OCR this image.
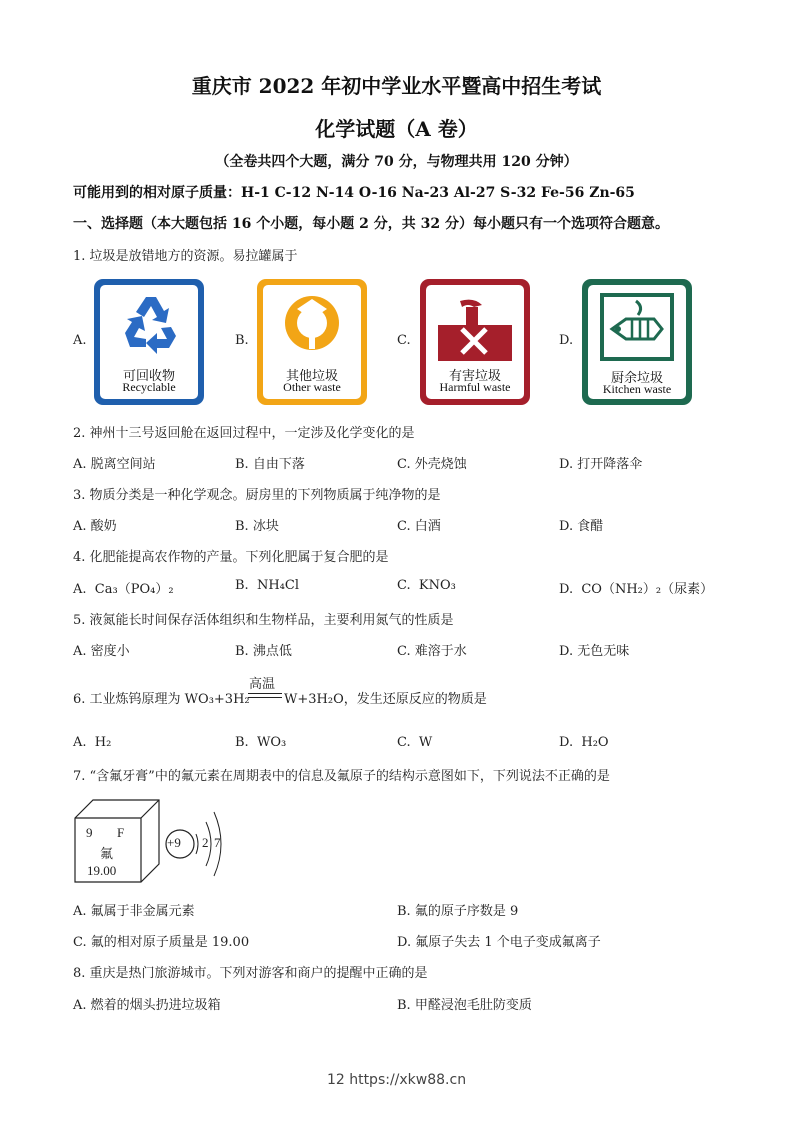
重庆市 2022 年初中学业水平暨高中招生考试
化学试题（A 卷）
（全卷共四个大题，满分 70 分，与物理共用 120 分钟）
可能用到的相对原子质量：H-1 C-12 N-14 O-16 Na-23 Al-27 S-32 Fe-56 Zn-65
一、选择题（本大题包括 16 个小题，每小题 2 分，共 32 分）每小题只有一个选项符合题意。
1. 垃圾是放错地方的资源。易拉罐属于
A.
可回收物
Recyclable
B.
其他垃圾
Other waste
C.
有害垃圾
Harmful waste
D.
厨余垃圾
Kitchen waste
2. 神州十三号返回舱在返回过程中，一定涉及化学变化的是
A. 脱离空间站	B. 自由下落	C. 外壳烧蚀	D. 打开降落伞
3. 物质分类是一种化学观念。厨房里的下列物质属于纯净物的是
A. 酸奶	B. 冰块	C. 白酒	D. 食醋
4. 化肥能提高农作物的产量。下列化肥属于复合肥的是
A. Ca₃（PO₄）₂	B. NH₄Cl	C. KNO₃	D. CO（NH₂）₂（尿素）
5. 液氮能长时间保存活体组织和生物样品，主要利用氮气的性质是
A. 密度小	B. 沸点低	C. 难溶于水	D. 无色无味
6. 工业炼钨原理为 WO₃+3H₂
高温
W+3H₂O，发生还原反应的物质是
A. H₂	B. WO₃	C. W	D. H₂O
7. “含氟牙膏”中的氟元素在周期表中的信息及氟原子的结构示意图如下，下列说法不正确的是
9 F
氟
19.00
+9 2 7
A. 氟属于非金属元素	B. 氟的原子序数是 9
C. 氟的相对原子质量是 19.00	D. 氟原子失去 1 个电子变成氟离子
8. 重庆是热门旅游城市。下列对游客和商户的提醒中正确的是
A. 燃着的烟头扔进垃圾箱	B. 甲醛浸泡毛肚防变质
12 https://xkw88.cn
